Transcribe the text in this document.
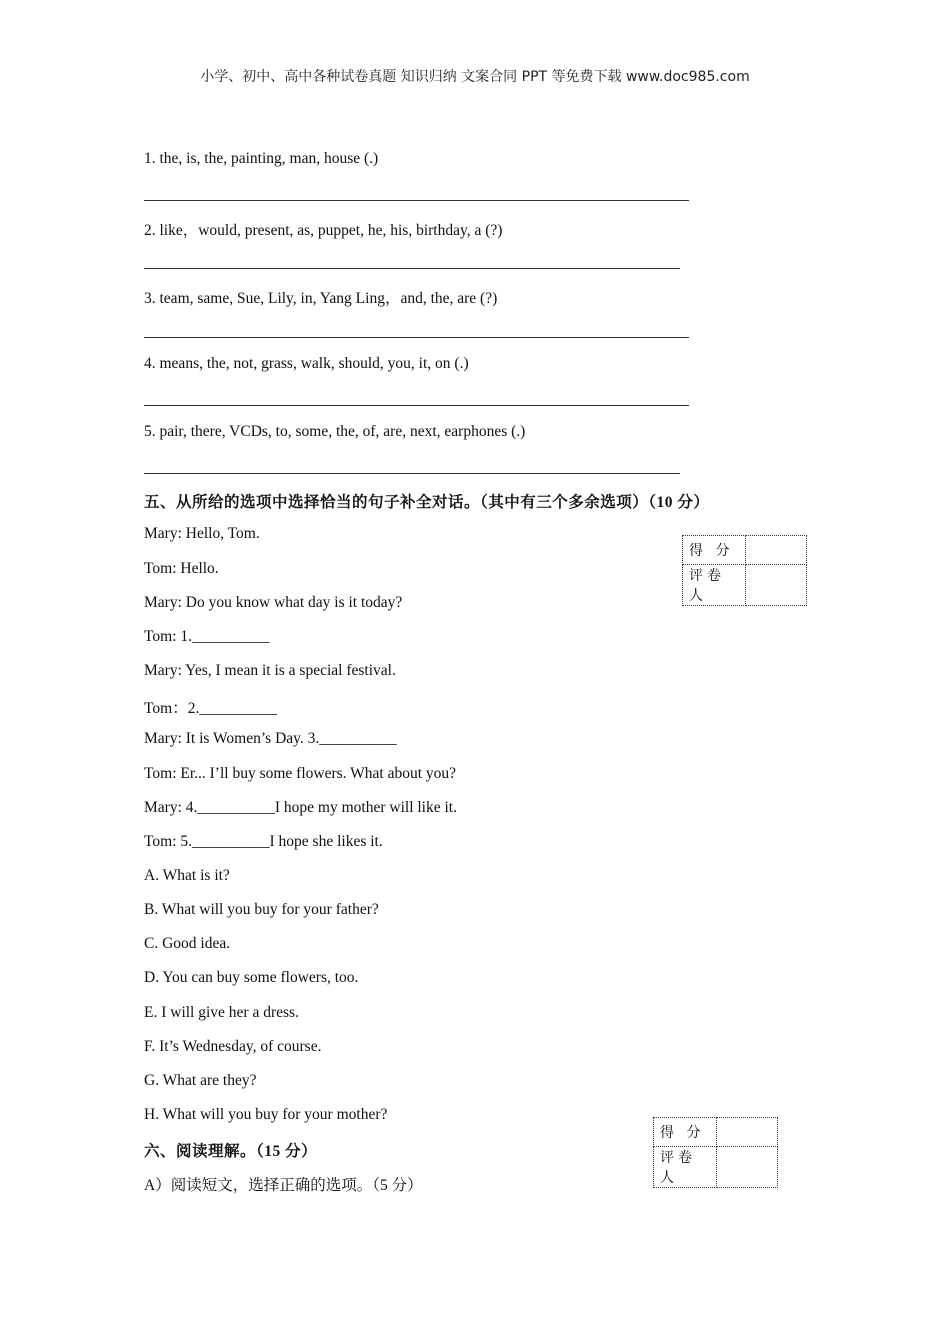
小学、初中、高中各种试卷真题 知识归纳 文案合同 PPT 等免费下载 www.doc985.com
1. the, is, the, painting, man, house (.)
2. like，would, present, as, puppet, he, his, birthday, a (?)
3. team, same, Sue, Lily, in, Yang Ling，and, the, are (?)
4. means, the, not, grass, walk, should, you, it, on (.)
5. pair, there, VCDs, to, some, the, of, are, next, earphones (.)
五、从所给的选项中选择恰当的句子补全对话。（其中有三个多余选项）（10 分）
得 分	
评卷人	
Mary: Hello, Tom.
Tom: Hello.
Mary: Do you know what day is it today?
Tom: 1.__________
Mary: Yes, I mean it is a special festival.
Tom：2.__________
Mary: It is Women’s Day. 3.__________
Tom: Er... I’ll buy some flowers. What about you?
Mary: 4.__________I hope my mother will like it.
Tom: 5.__________I hope she likes it.
A. What is it?
B. What will you buy for your father?
C. Good idea.
D. You can buy some flowers, too.
E. I will give her a dress.
F. It’s Wednesday, of course.
G. What are they?
H. What will you buy for your mother?
得 分	
评卷人	
六、阅读理解。（15 分）
A）阅读短文，选择正确的选项。（5 分）
